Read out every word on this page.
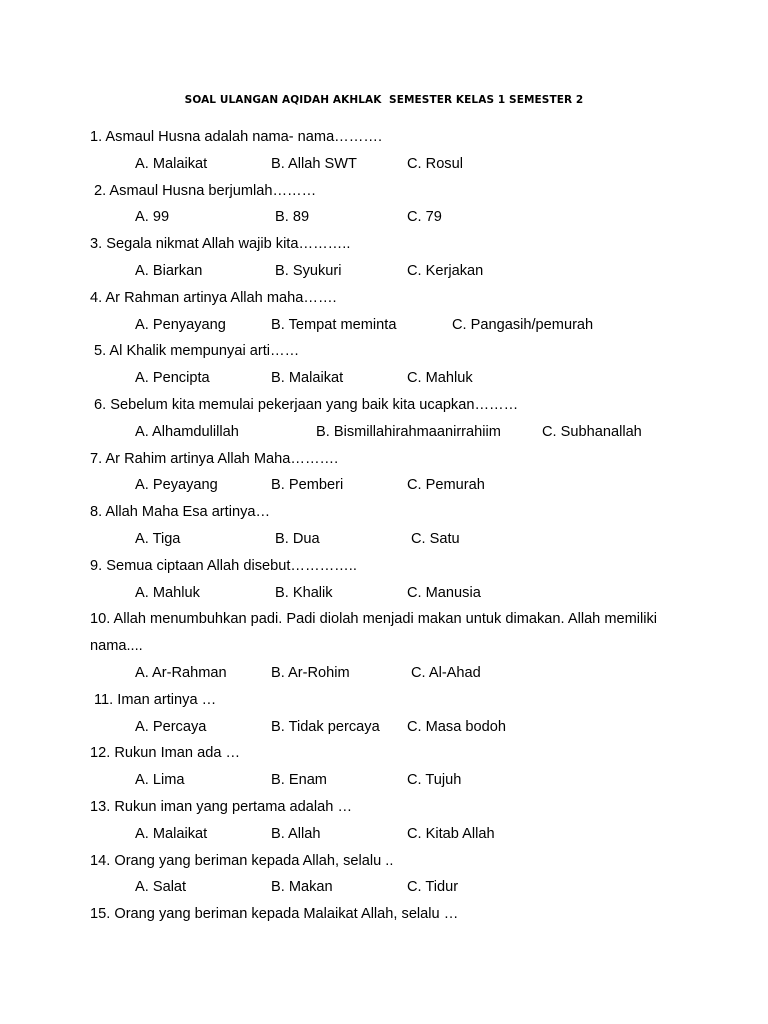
SOAL ULANGAN AQIDAH AKHLAK  SEMESTER KELAS 1 SEMESTER 2

1. Asmaul Husna adalah nama- nama……….

A. Malaikat

	B. Allah SWT

	C. Rosul

2. Asmaul Husna berjumlah………

A. 99

	B. 89

	C. 79

3. Segala nikmat Allah wajib kita………..

A. Biarkan

	B. Syukuri

	C. Kerjakan

4. Ar Rahman artinya Allah maha…….

A. Penyayang

	B. Tempat meminta

	C. Pangasih/pemurah

5. Al Khalik mempunyai arti……

A. Pencipta

	B. Malaikat

	C. Mahluk

6. Sebelum kita memulai pekerjaan yang baik kita ucapkan………

A. Alhamdulillah

	B. Bismillahirahmaanirrahiim

	C. Subhanallah

7. Ar Rahim artinya Allah Maha……….

A. Peyayang

	B. Pemberi

	C. Pemurah

8. Allah Maha Esa artinya…

A. Tiga

	B. Dua

	C. Satu

9. Semua ciptaan Allah disebut…………..

A. Mahluk

	B. Khalik

	C. Manusia

10. Allah menumbuhkan padi. Padi diolah menjadi makan untuk dimakan. Allah memiliki

nama....

A. Ar-Rahman

	B. Ar-Rohim

	C. Al-Ahad

11. Iman artinya …

A. Percaya

	B. Tidak percaya

C. Masa bodoh

12. Rukun Iman ada …

A. Lima

	B. Enam

	C. Tujuh

13. Rukun iman yang pertama adalah …

A. Malaikat

	B. Allah

	C. Kitab Allah

14. Orang yang beriman kepada Allah, selalu ..

A. Salat

	B. Makan

	C. Tidur

15. Orang yang beriman kepada Malaikat Allah, selalu …
